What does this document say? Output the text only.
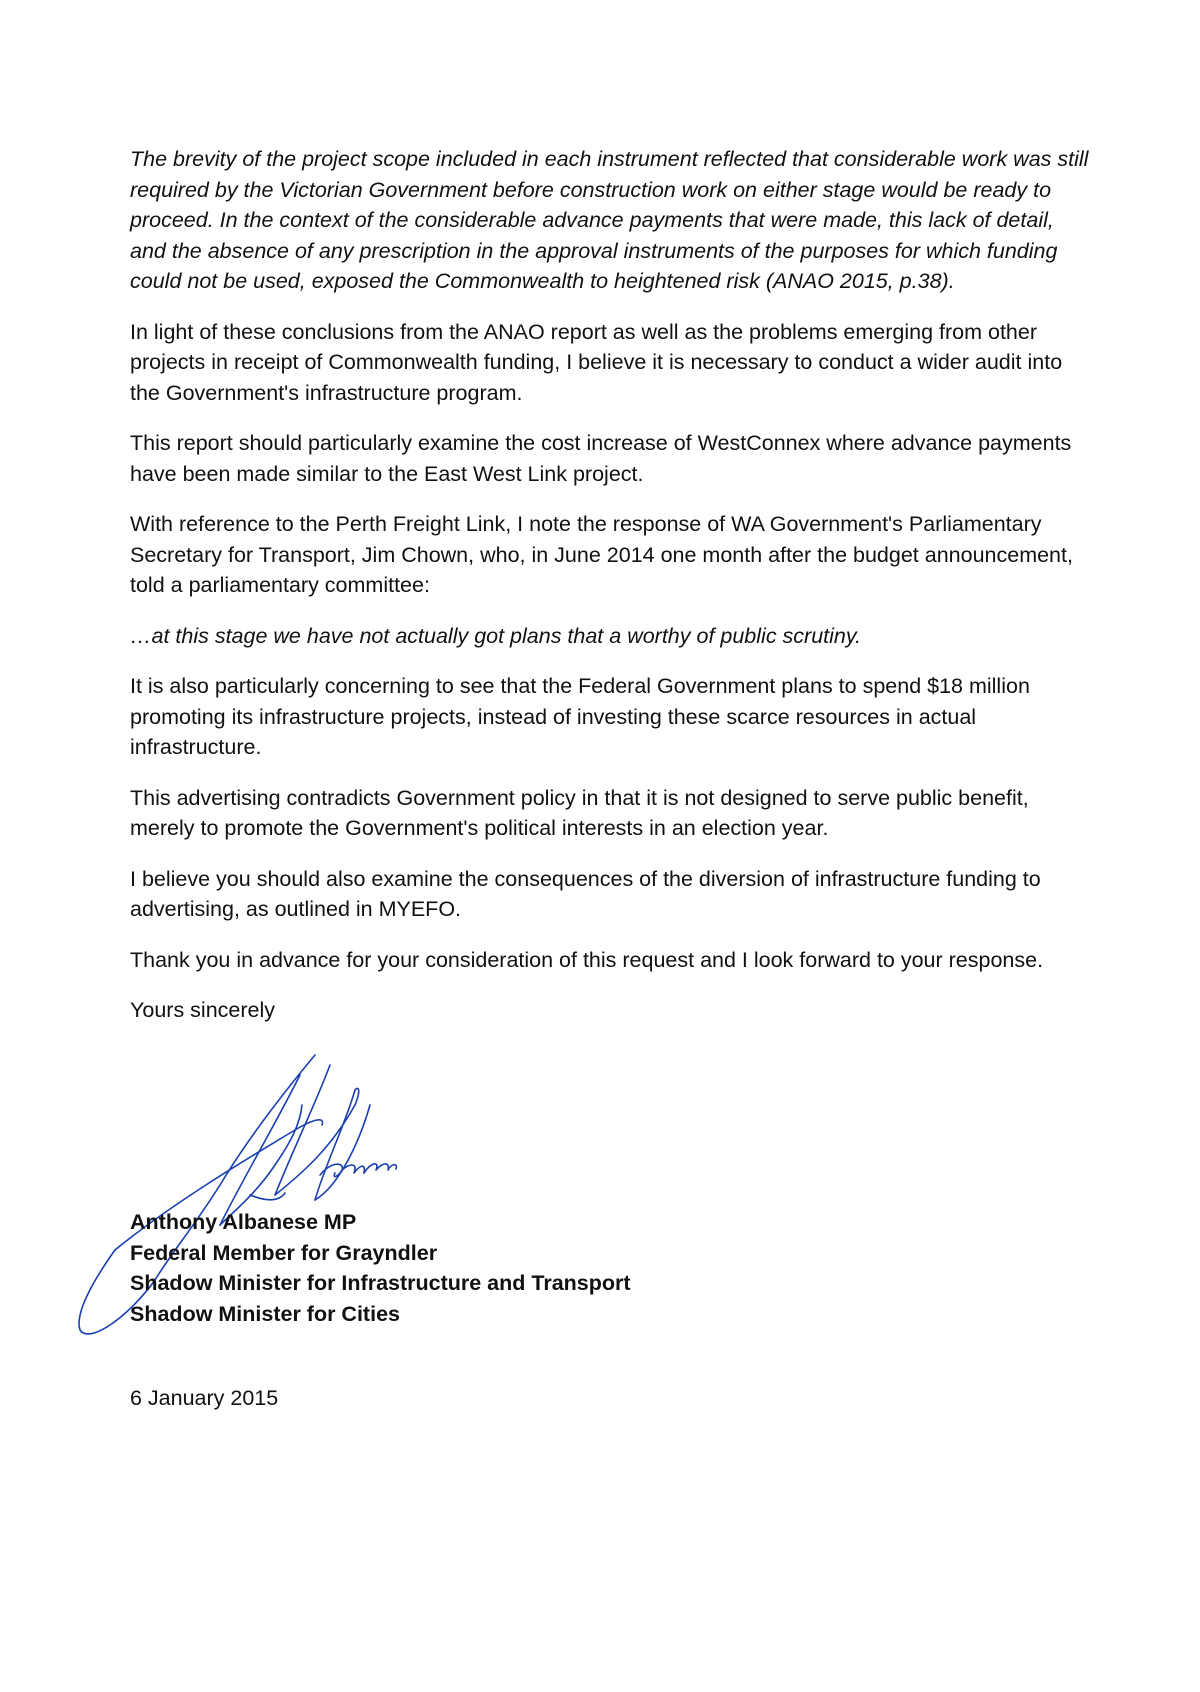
The brevity of the project scope included in each instrument reflected that considerable work was still required by the Victorian Government before construction work on either stage would be ready to proceed. In the context of the considerable advance payments that were made, this lack of detail, and the absence of any prescription in the approval instruments of the purposes for which funding could not be used, exposed the Commonwealth to heightened risk (ANAO 2015, p.38).

In light of these conclusions from the ANAO report as well as the problems emerging from other projects in receipt of Commonwealth funding, I believe it is necessary to conduct a wider audit into the Government's infrastructure program.

This report should particularly examine the cost increase of WestConnex where advance payments have been made similar to the East West Link project.

With reference to the Perth Freight Link, I note the response of WA Government's Parliamentary Secretary for Transport, Jim Chown, who, in June 2014 one month after the budget announcement, told a parliamentary committee:

…at this stage we have not actually got plans that a worthy of public scrutiny.

It is also particularly concerning to see that the Federal Government plans to spend $18 million promoting its infrastructure projects, instead of investing these scarce resources in actual infrastructure.

This advertising contradicts Government policy in that it is not designed to serve public benefit, merely to promote the Government's political interests in an election year.

I believe you should also examine the consequences of the diversion of infrastructure funding to advertising, as outlined in MYEFO.

Thank you in advance for your consideration of this request and I look forward to your response.

Yours sincerely

Anthony Albanese MP
Federal Member for Grayndler
Shadow Minister for Infrastructure and Transport
Shadow Minister for Cities
6 January 2015
